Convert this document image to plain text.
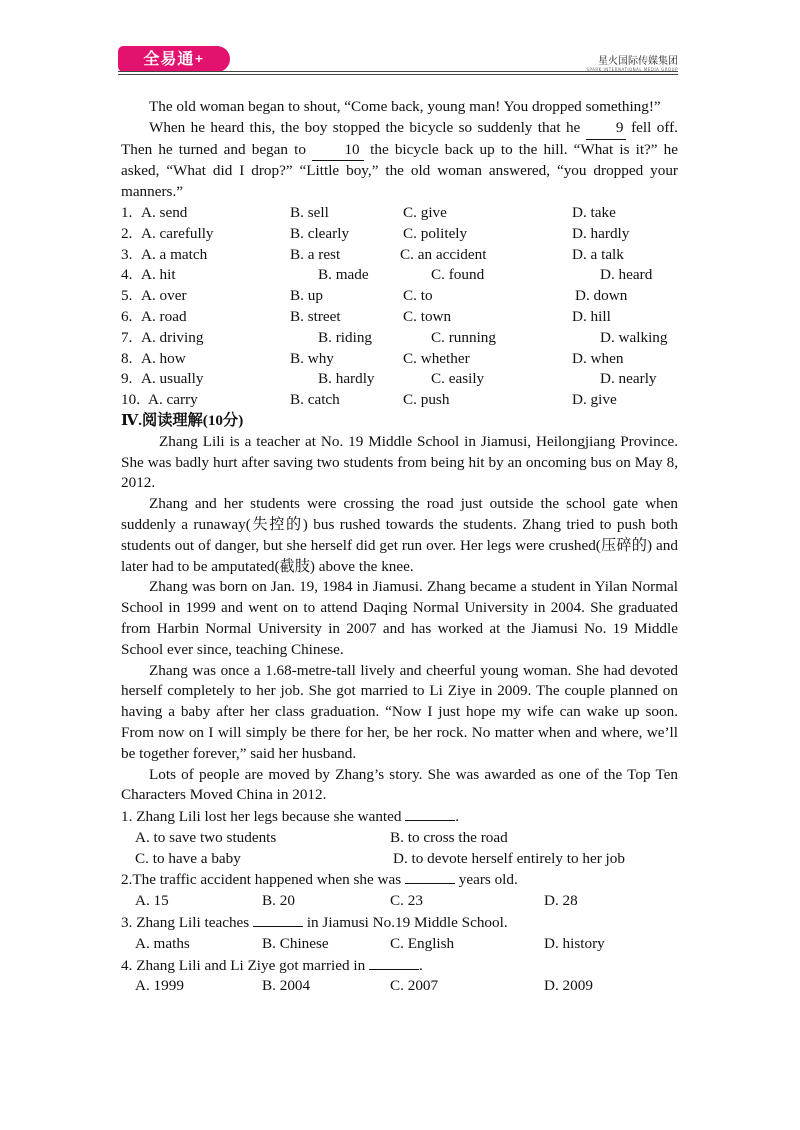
全易通+	星火国际传媒集团
SPARK INTERNATIONAL MEDIA GROUP

The old woman began to shout, “Come back, young man! You dropped something!”

When he heard this, the boy stopped the bicycle so suddenly that he 9 fell off. Then he turned and began to 10 the bicycle back up to the hill. “What is it?” he asked, “What did I drop?” “Little boy,” the old woman answered, “you dropped your manners.”

1. A. send	B. sell	C. give	D. take
2. A. carefully	B. clearly	C. politely	D. hardly
3. A. a match	B. a rest	C. an accident	D. a talk
4. A. hit	B. made	C. found	D. heard
5. A. over	B. up	C. to	D. down
6. A. road	B. street	C. town	D. hill
7. A. driving	B. riding	C. running	D. walking
8. A. how	B. why	C. whether	D. when
9. A. usually	B. hardly	C. easily	D. nearly
10. A. carry	B. catch	C. push	D. give

Ⅳ.阅读理解(10分)

Zhang Lili is a teacher at No. 19 Middle School in Jiamusi, Heilongjiang Province. She was badly hurt after saving two students from being hit by an oncoming bus on May 8, 2012.

Zhang and her students were crossing the road just outside the school gate when suddenly a runaway(失控的) bus rushed towards the students. Zhang tried to push both students out of danger, but she herself did get run over. Her legs were crushed(压碎的) and later had to be amputated(截肢) above the knee.

Zhang was born on Jan. 19, 1984 in Jiamusi. Zhang became a student in Yilan Normal School in 1999 and went on to attend Daqing Normal University in 2004. She graduated from Harbin Normal University in 2007 and has worked at the Jiamusi No. 19 Middle School ever since, teaching Chinese.

Zhang was once a 1.68-metre-tall lively and cheerful young woman. She had devoted herself completely to her job. She got married to Li Ziye in 2009. The couple planned on having a baby after her class graduation. “Now I just hope my wife can wake up soon. From now on I will simply be there for her, be her rock. No matter when and where, we’ll be together forever,” said her husband.

Lots of people are moved by Zhang’s story. She was awarded as one of the Top Ten Characters Moved China in 2012.

1. Zhang Lili lost her legs because she wanted	.

A. to save two students	B. to cross the road
C. to have a baby	D. to devote herself entirely to her job

2.The traffic accident happened when she was	years old.

A. 15	B. 20	C. 23	D. 28

3. Zhang Lili teaches	in Jiamusi No.19 Middle School.

A. maths	B. Chinese	C. English	D. history

4. Zhang Lili and Li Ziye got married in	.

A. 1999	B. 2004	C. 2007	D. 2009
